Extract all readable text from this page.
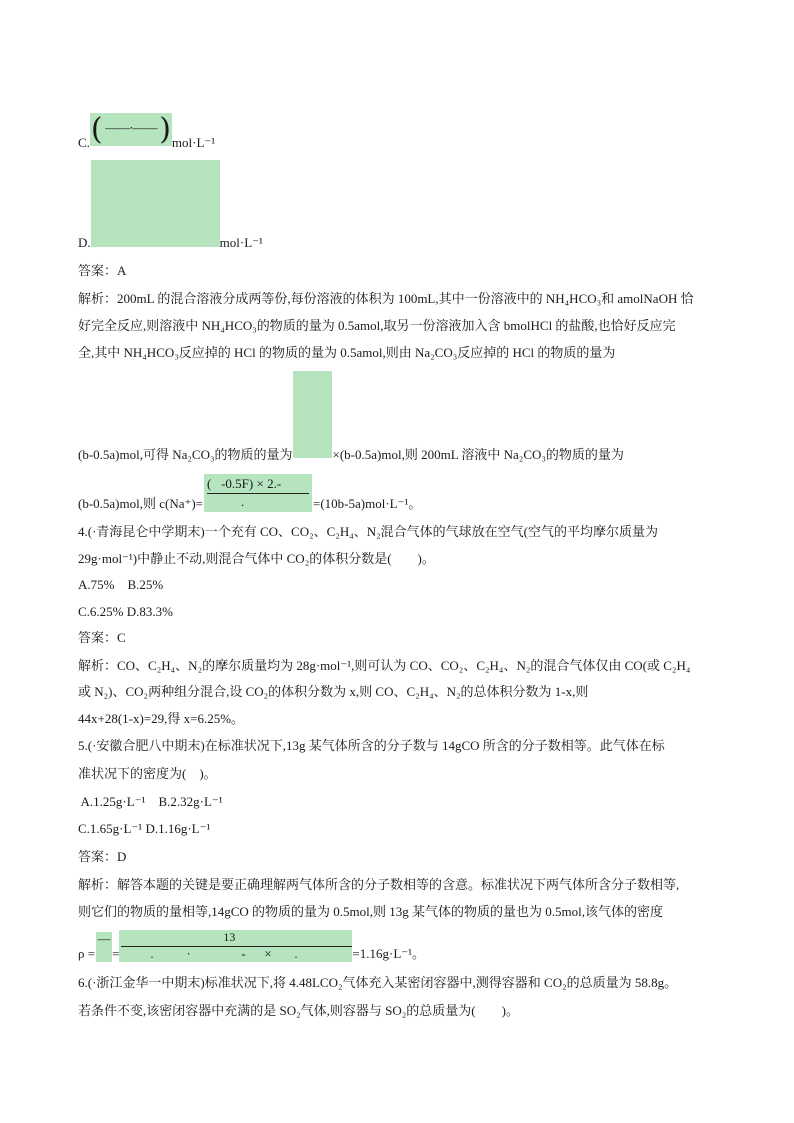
C. ( ——·—— ) mol·L⁻¹
D.	mol·L⁻¹
答案：A
解析：200mL 的混合溶液分成两等份,每份溶液的体积为 100mL,其中一份溶液中的 NH₄HCO₃和 amolNaOH 恰
好完全反应,则溶液中 NH₄HCO₃的物质的量为 0.5amol,取另一份溶液加入含 bmolHCl 的盐酸,也恰好反应完
全,其中 NH₄HCO₃反应掉的 HCl 的物质的量为 0.5amol,则由 Na₂CO₃反应掉的 HCl 的物质的量为
(b-0.5a)mol,可得 Na₂CO₃的物质的量为	×(b-0.5a)mol,则 200mL 溶液中 Na₂CO₃的物质的量为
(b-0.5a)mol,则 c(Na⁺)=

$\frac{( -0.5F) \times 2.-}{.}$

=(10b-5a)mol·L⁻¹。
4.(·青海昆仑中学期末)一个充有 CO、CO₂、C₂H₄、N₂混合气体的气球放在空气(空气的平均摩尔质量为
29g·mol⁻¹)中静止不动,则混合气体中 CO₂的体积分数是(　　)。
A.75%　B.25%
C.6.25% D.83.3%
答案：C
解析：CO、C₂H₄、N₂的摩尔质量均为 28g·mol⁻¹,则可认为 CO、CO₂、C₂H₄、N₂的混合气体仅由 CO(或 C₂H₄
或 N₂)、CO₂两种组分混合,设 CO₂的体积分数为 x,则 CO、C₂H₄、N₂的总体积分数为 1-x,则
44x+28(1-x)=29,得 x=6.25%。
5.(·安徽合肥八中期末)在标准状况下,13g 某气体所含的分子数与 14gCO 所含的分子数相等。此气体在标
准状况下的密度为(　)。
A.1.25g·L⁻¹　B.2.32g·L⁻¹
C.1.65g·L⁻¹ D.1.16g·L⁻¹
答案：D
解析：解答本题的关键是要正确理解两气体所含的分子数相等的含意。标准状况下两气体所含分子数相等,
则它们的物质的量相等,14gCO 的物质的量为 0.5mol,则 13g 某气体的物质的量也为 0.5mol,该气体的密度
ρ =

—

=

13

.

	·

	-

×

.

	=1.16g·L⁻¹。
6.(·浙江金华一中期末)标准状况下,将 4.48LCO₂气体充入某密闭容器中,测得容器和 CO₂的总质量为 58.8g。
若条件不变,该密闭容器中充满的是 SO₂气体,则容器与 SO₂的总质量为(　　)。
